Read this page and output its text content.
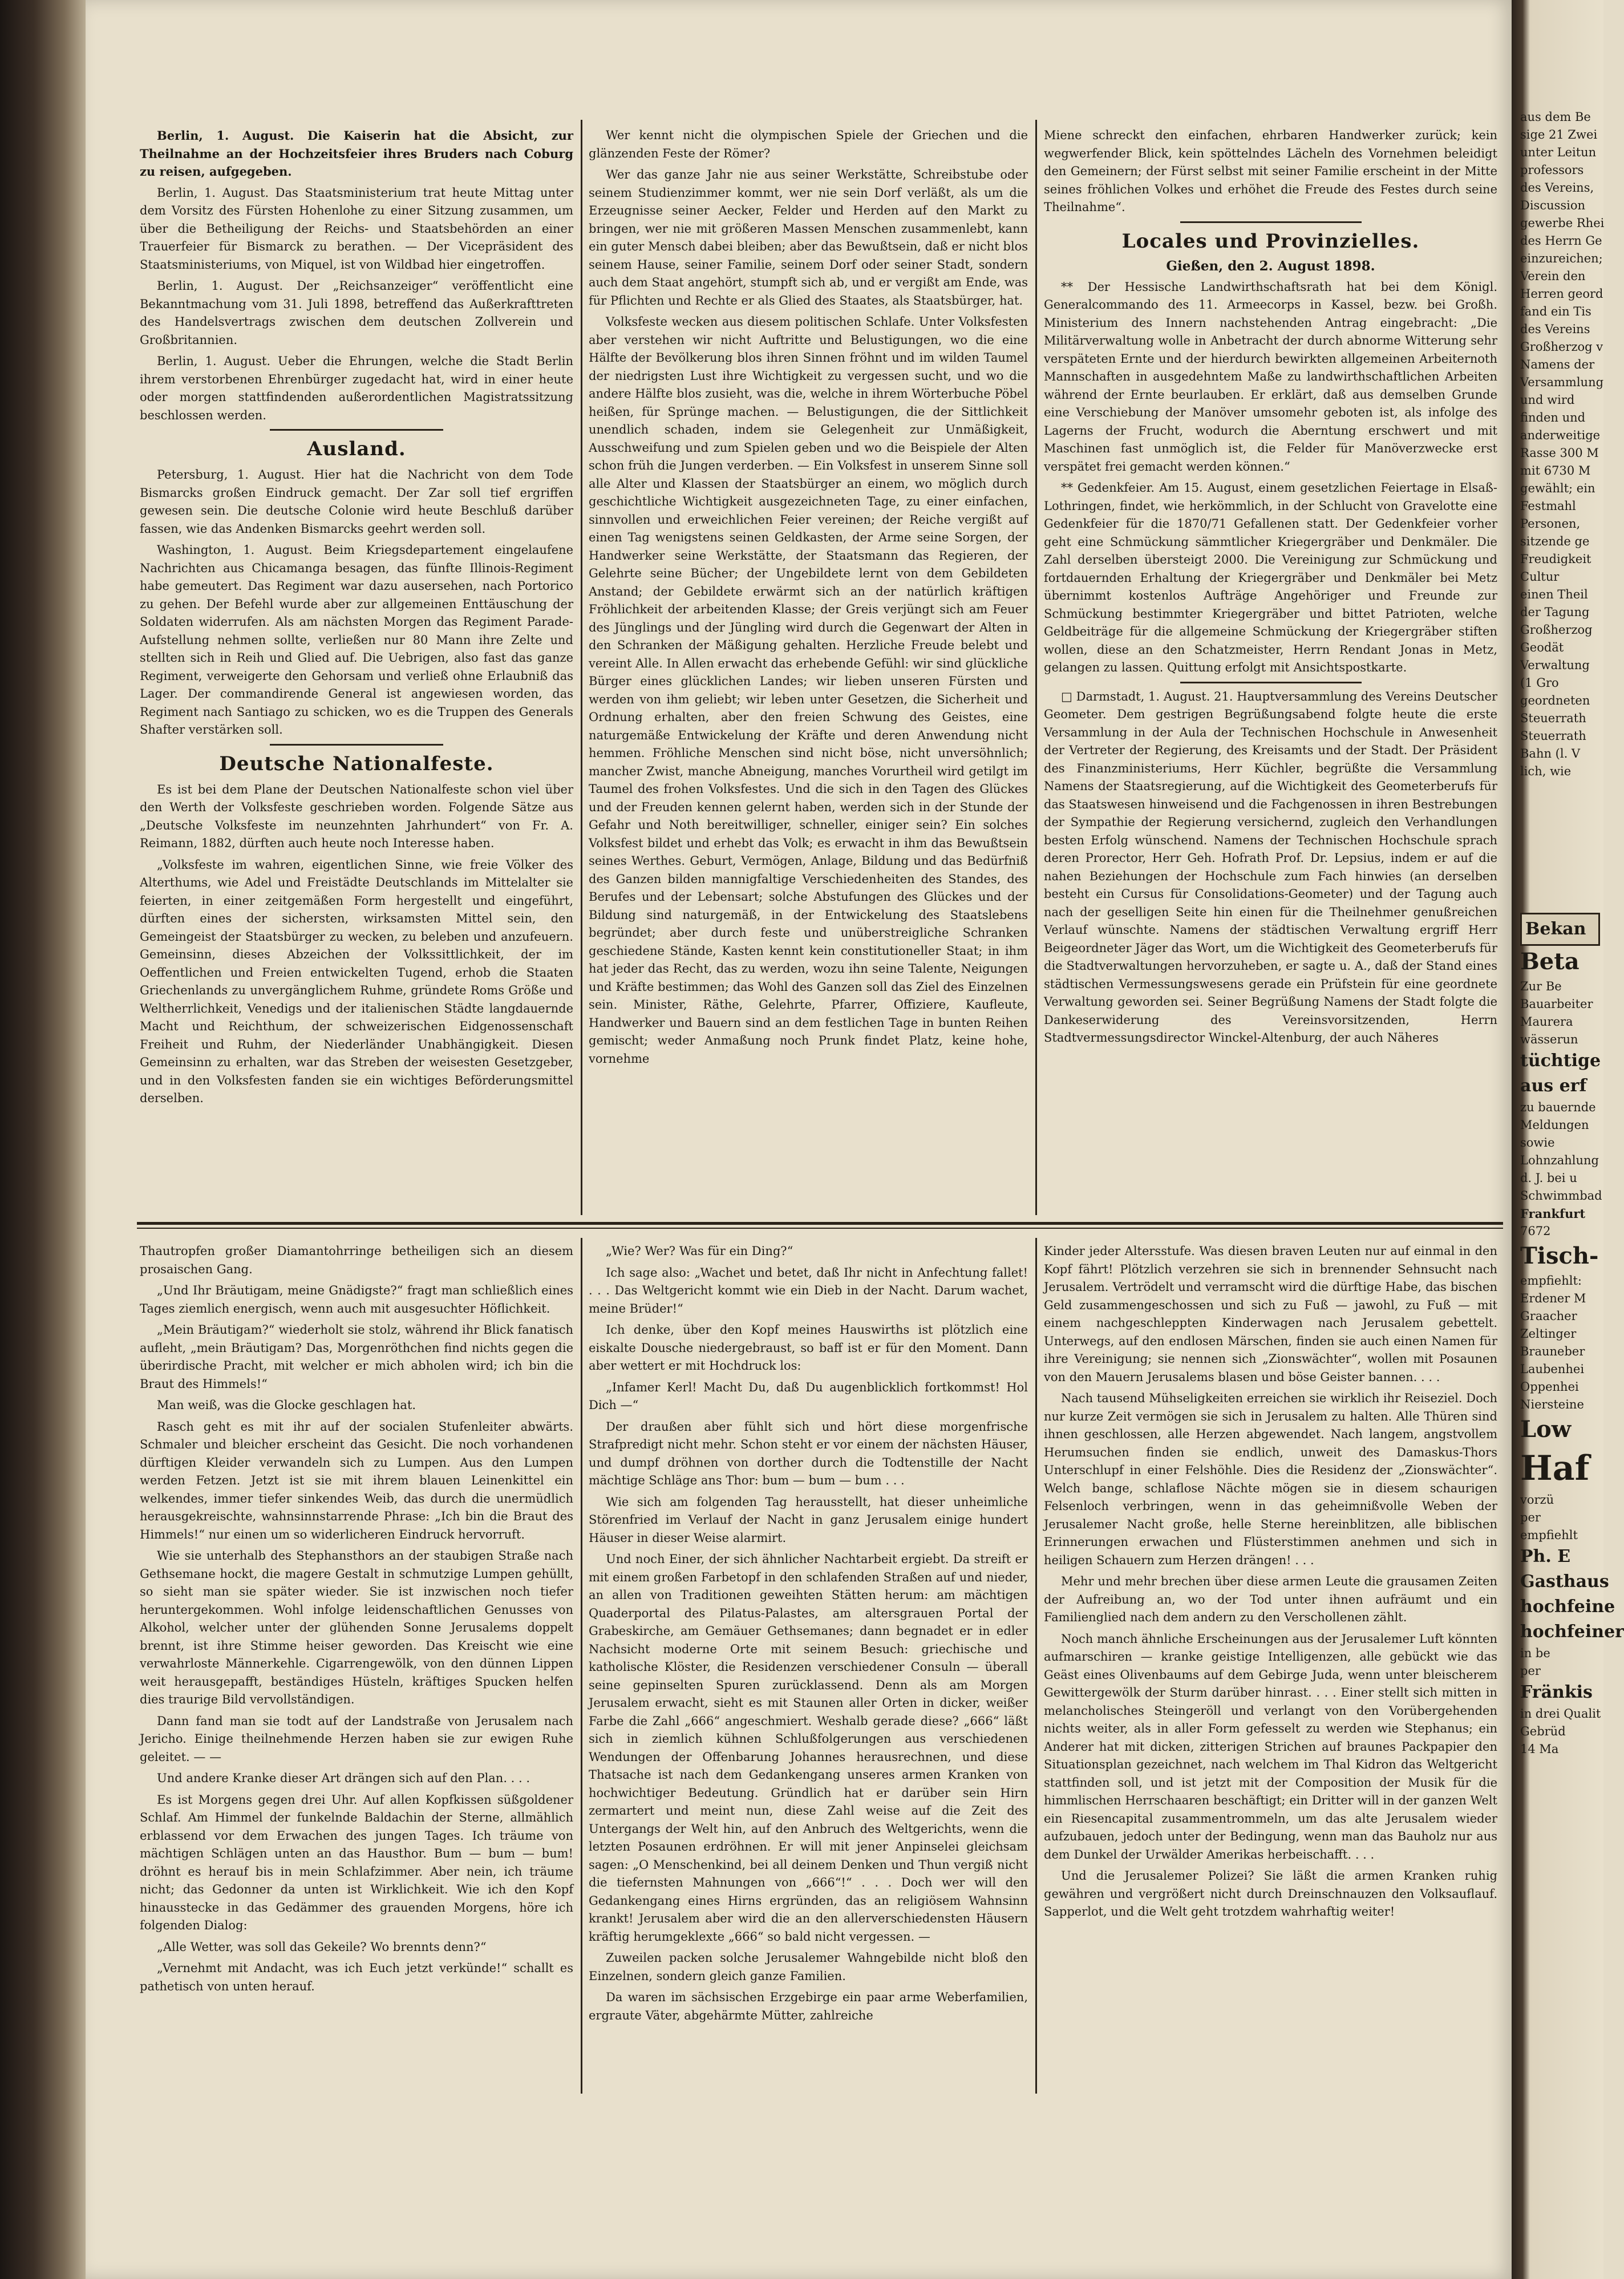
Berlin, 1. August. Die Kaiserin hat die Absicht, zur Theilnahme an der Hochzeitsfeier ihres Bruders nach Coburg zu reisen, aufgegeben.

Berlin, 1. August. Das Staatsministerium trat heute Mittag unter dem Vorsitz des Fürsten Hohenlohe zu einer Sitzung zusammen, um über die Betheiligung der Reichs- und Staatsbehörden an einer Trauerfeier für Bismarck zu berathen. — Der Vicepräsident des Staatsministeriums, von Miquel, ist von Wildbad hier eingetroffen.

Berlin, 1. August. Der „Reichsanzeiger“ veröffentlicht eine Bekanntmachung vom 31. Juli 1898, betreffend das Außerkrafttreten des Handelsvertrags zwischen dem deutschen Zollverein und Großbritannien.

Berlin, 1. August. Ueber die Ehrungen, welche die Stadt Berlin ihrem verstorbenen Ehrenbürger zugedacht hat, wird in einer heute oder morgen stattfindenden außerordentlichen Magistratssitzung beschlossen werden.

Ausland.

Petersburg, 1. August. Hier hat die Nachricht von dem Tode Bismarcks großen Eindruck gemacht. Der Zar soll tief ergriffen gewesen sein. Die deutsche Colonie wird heute Beschluß darüber fassen, wie das Andenken Bismarcks geehrt werden soll.

Washington, 1. August. Beim Kriegsdepartement eingelaufene Nachrichten aus Chicamanga besagen, das fünfte Illinois-Regiment habe gemeutert. Das Regiment war dazu ausersehen, nach Portorico zu gehen. Der Befehl wurde aber zur allgemeinen Enttäuschung der Soldaten widerrufen. Als am nächsten Morgen das Regiment Parade-Aufstellung nehmen sollte, verließen nur 80 Mann ihre Zelte und stellten sich in Reih und Glied auf. Die Uebrigen, also fast das ganze Regiment, verweigerte den Gehorsam und verließ ohne Erlaubniß das Lager. Der commandirende General ist angewiesen worden, das Regiment nach Santiago zu schicken, wo es die Truppen des Generals Shafter verstärken soll.

Deutsche Nationalfeste.

Es ist bei dem Plane der Deutschen Nationalfeste schon viel über den Werth der Volksfeste geschrieben worden. Folgende Sätze aus „Deutsche Volksfeste im neunzehnten Jahrhundert“ von Fr. A. Reimann, 1882, dürften auch heute noch Interesse haben.

„Volksfeste im wahren, eigentlichen Sinne, wie freie Völker des Alterthums, wie Adel und Freistädte Deutschlands im Mittelalter sie feierten, in einer zeitgemäßen Form hergestellt und eingeführt, dürften eines der sichersten, wirksamsten Mittel sein, den Gemeingeist der Staatsbürger zu wecken, zu beleben und anzufeuern. Gemeinsinn, dieses Abzeichen der Volkssittlichkeit, der im Oeffentlichen und Freien entwickelten Tugend, erhob die Staaten Griechenlands zu unvergänglichem Ruhme, gründete Roms Größe und Weltherrlichkeit, Venedigs und der italienischen Städte langdauernde Macht und Reichthum, der schweizerischen Eidgenossenschaft Freiheit und Ruhm, der Niederländer Unabhängigkeit. Diesen Gemeinsinn zu erhalten, war das Streben der weisesten Gesetzgeber, und in den Volksfesten fanden sie ein wichtiges Beförderungsmittel derselben.

Wer kennt nicht die olympischen Spiele der Griechen und die glänzenden Feste der Römer?

Wer das ganze Jahr nie aus seiner Werkstätte, Schreibstube oder seinem Studienzimmer kommt, wer nie sein Dorf verläßt, als um die Erzeugnisse seiner Aecker, Felder und Herden auf den Markt zu bringen, wer nie mit größeren Massen Menschen zusammenlebt, kann ein guter Mensch dabei bleiben; aber das Bewußtsein, daß er nicht blos seinem Hause, seiner Familie, seinem Dorf oder seiner Stadt, sondern auch dem Staat angehört, stumpft sich ab, und er vergißt am Ende, was für Pflichten und Rechte er als Glied des Staates, als Staatsbürger, hat.

Volksfeste wecken aus diesem politischen Schlafe. Unter Volksfesten aber verstehen wir nicht Auftritte und Belustigungen, wo die eine Hälfte der Bevölkerung blos ihren Sinnen fröhnt und im wilden Taumel der niedrigsten Lust ihre Wichtigkeit zu vergessen sucht, und wo die andere Hälfte blos zusieht, was die, welche in ihrem Wörterbuche Pöbel heißen, für Sprünge machen. — Belustigungen, die der Sittlichkeit unendlich schaden, indem sie Gelegenheit zur Unmäßigkeit, Ausschweifung und zum Spielen geben und wo die Beispiele der Alten schon früh die Jungen verderben. — Ein Volksfest in unserem Sinne soll alle Alter und Klassen der Staatsbürger an einem, wo möglich durch geschichtliche Wichtigkeit ausgezeichneten Tage, zu einer einfachen, sinnvollen und erweichlichen Feier vereinen; der Reiche vergißt auf einen Tag wenigstens seinen Geldkasten, der Arme seine Sorgen, der Handwerker seine Werkstätte, der Staatsmann das Regieren, der Gelehrte seine Bücher; der Ungebildete lernt von dem Gebildeten Anstand; der Gebildete erwärmt sich an der natürlich kräftigen Fröhlichkeit der arbeitenden Klasse; der Greis verjüngt sich am Feuer des Jünglings und der Jüngling wird durch die Gegenwart der Alten in den Schranken der Mäßigung gehalten. Herzliche Freude belebt und vereint Alle. In Allen erwacht das erhebende Gefühl: wir sind glückliche Bürger eines glücklichen Landes; wir lieben unseren Fürsten und werden von ihm geliebt; wir leben unter Gesetzen, die Sicherheit und Ordnung erhalten, aber den freien Schwung des Geistes, eine naturgemäße Entwickelung der Kräfte und deren Anwendung nicht hemmen. Fröhliche Menschen sind nicht böse, nicht unversöhnlich; mancher Zwist, manche Abneigung, manches Vorurtheil wird getilgt im Taumel des frohen Volksfestes. Und die sich in den Tagen des Glückes und der Freuden kennen gelernt haben, werden sich in der Stunde der Gefahr und Noth bereitwilliger, schneller, einiger sein? Ein solches Volksfest bildet und erhebt das Volk; es erwacht in ihm das Bewußtsein seines Werthes. Geburt, Vermögen, Anlage, Bildung und das Bedürfniß des Ganzen bilden mannigfaltige Verschiedenheiten des Standes, des Berufes und der Lebensart; solche Abstufungen des Glückes und der Bildung sind naturgemäß, in der Entwickelung des Staatslebens begründet; aber durch feste und unüberstreigliche Schranken geschiedene Stände, Kasten kennt kein constitutioneller Staat; in ihm hat jeder das Recht, das zu werden, wozu ihn seine Talente, Neigungen und Kräfte bestimmen; das Wohl des Ganzen soll das Ziel des Einzelnen sein. Minister, Räthe, Gelehrte, Pfarrer, Offiziere, Kaufleute, Handwerker und Bauern sind an dem festlichen Tage in bunten Reihen gemischt; weder Anmaßung noch Prunk findet Platz, keine hohe, vornehme

Miene schreckt den einfachen, ehrbaren Handwerker zurück; kein wegwerfender Blick, kein spöttelndes Lächeln des Vornehmen beleidigt den Gemeinern; der Fürst selbst mit seiner Familie erscheint in der Mitte seines fröhlichen Volkes und erhöhet die Freude des Festes durch seine Theilnahme“.

Locales und Provinzielles.
Gießen, den 2. August 1898.

** Der Hessische Landwirthschaftsrath hat bei dem Königl. Generalcommando des 11. Armeecorps in Kassel, bezw. bei Großh. Ministerium des Innern nachstehenden Antrag eingebracht: „Die Militärverwaltung wolle in Anbetracht der durch abnorme Witterung sehr verspäteten Ernte und der hierdurch bewirkten allgemeinen Arbeiternoth Mannschaften in ausgedehntem Maße zu landwirthschaftlichen Arbeiten während der Ernte beurlauben. Er erklärt, daß aus demselben Grunde eine Verschiebung der Manöver umsomehr geboten ist, als infolge des Lagerns der Frucht, wodurch die Aberntung erschwert und mit Maschinen fast unmöglich ist, die Felder für Manöverzwecke erst verspätet frei gemacht werden können.“

** Gedenkfeier. Am 15. August, einem gesetzlichen Feiertage in Elsaß-Lothringen, findet, wie herkömmlich, in der Schlucht von Gravelotte eine Gedenkfeier für die 1870/71 Gefallenen statt. Der Gedenkfeier vorher geht eine Schmückung sämmtlicher Kriegergräber und Denkmäler. Die Zahl derselben übersteigt 2000. Die Vereinigung zur Schmückung und fortdauernden Erhaltung der Kriegergräber und Denkmäler bei Metz übernimmt kostenlos Aufträge Angehöriger und Freunde zur Schmückung bestimmter Kriegergräber und bittet Patrioten, welche Geldbeiträge für die allgemeine Schmückung der Kriegergräber stiften wollen, diese an den Schatzmeister, Herrn Rendant Jonas in Metz, gelangen zu lassen. Quittung erfolgt mit Ansichtspostkarte.

□ Darmstadt, 1. August. 21. Hauptversammlung des Vereins Deutscher Geometer. Dem gestrigen Begrüßungsabend folgte heute die erste Versammlung in der Aula der Technischen Hochschule in Anwesenheit der Vertreter der Regierung, des Kreisamts und der Stadt. Der Präsident des Finanzministeriums, Herr Küchler, begrüßte die Versammlung Namens der Staatsregierung, auf die Wichtigkeit des Geometerberufs für das Staatswesen hinweisend und die Fachgenossen in ihren Bestrebungen der Sympathie der Regierung versichernd, zugleich den Verhandlungen besten Erfolg wünschend. Namens der Technischen Hochschule sprach deren Prorector, Herr Geh. Hofrath Prof. Dr. Lepsius, indem er auf die nahen Beziehungen der Hochschule zum Fach hinwies (an derselben besteht ein Cursus für Consolidations-Geometer) und der Tagung auch nach der geselligen Seite hin einen für die Theilnehmer genußreichen Verlauf wünschte. Namens der städtischen Verwaltung ergriff Herr Beigeordneter Jäger das Wort, um die Wichtigkeit des Geometerberufs für die Stadtverwaltungen hervorzuheben, er sagte u. A., daß der Stand eines städtischen Vermessungswesens gerade ein Prüfstein für eine geordnete Verwaltung geworden sei. Seiner Begrüßung Namens der Stadt folgte die Dankeserwiderung des Vereinsvorsitzenden, Herrn Stadtvermessungsdirector Winckel-Altenburg, der auch Näheres

Thautropfen großer Diamantohrringe betheiligen sich an diesem prosaischen Gang.

„Und Ihr Bräutigam, meine Gnädigste?“ fragt man schließlich eines Tages ziemlich energisch, wenn auch mit ausgesuchter Höflichkeit.

„Mein Bräutigam?“ wiederholt sie stolz, während ihr Blick fanatisch aufleht, „mein Bräutigam? Das, Morgenröthchen find nichts gegen die überirdische Pracht, mit welcher er mich abholen wird; ich bin die Braut des Himmels!“

Man weiß, was die Glocke geschlagen hat.

Rasch geht es mit ihr auf der socialen Stufenleiter abwärts. Schmaler und bleicher erscheint das Gesicht. Die noch vorhandenen dürftigen Kleider verwandeln sich zu Lumpen. Aus den Lumpen werden Fetzen. Jetzt ist sie mit ihrem blauen Leinenkittel ein welkendes, immer tiefer sinkendes Weib, das durch die unermüdlich herausgekreischte, wahnsinnstarrende Phrase: „Ich bin die Braut des Himmels!“ nur einen um so widerlicheren Eindruck hervorruft.

Wie sie unterhalb des Stephansthors an der staubigen Straße nach Gethsemane hockt, die magere Gestalt in schmutzige Lumpen gehüllt, so sieht man sie später wieder. Sie ist inzwischen noch tiefer heruntergekommen. Wohl infolge leidenschaftlichen Genusses von Alkohol, welcher unter der glühenden Sonne Jerusalems doppelt brennt, ist ihre Stimme heiser geworden. Das Kreischt wie eine verwahrloste Männerkehle. Cigarrengewölk, von den dünnen Lippen weit herausgepafft, beständiges Hüsteln, kräftiges Spucken helfen dies traurige Bild vervollständigen.

Dann fand man sie todt auf der Landstraße von Jerusalem nach Jericho. Einige theilnehmende Herzen haben sie zur ewigen Ruhe geleitet. — —

Und andere Kranke dieser Art drängen sich auf den Plan. . . .

Es ist Morgens gegen drei Uhr. Auf allen Kopfkissen süßgoldener Schlaf. Am Himmel der funkelnde Baldachin der Sterne, allmählich erblassend vor dem Erwachen des jungen Tages. Ich träume von mächtigen Schlägen unten an das Hausthor. Bum — bum — bum! dröhnt es herauf bis in mein Schlafzimmer. Aber nein, ich träume nicht; das Gedonner da unten ist Wirklichkeit. Wie ich den Kopf hinausstecke in das Gedämmer des grauenden Morgens, höre ich folgenden Dialog:

„Alle Wetter, was soll das Gekeile? Wo brennts denn?“

„Vernehmt mit Andacht, was ich Euch jetzt verkünde!“ schallt es pathetisch von unten herauf.

„Wie? Wer? Was für ein Ding?“

Ich sage also: „Wachet und betet, daß Ihr nicht in Anfechtung fallet! . . . Das Weltgericht kommt wie ein Dieb in der Nacht. Darum wachet, meine Brüder!“

Ich denke, über den Kopf meines Hauswirths ist plötzlich eine eiskalte Dousche niedergebraust, so baff ist er für den Moment. Dann aber wettert er mit Hochdruck los:

„Infamer Kerl! Macht Du, daß Du augenblicklich fortkommst! Hol Dich —“

Der draußen aber fühlt sich und hört diese morgenfrische Strafpredigt nicht mehr. Schon steht er vor einem der nächsten Häuser, und dumpf dröhnen von dorther durch die Todtenstille der Nacht mächtige Schläge ans Thor: bum — bum — bum . . .

Wie sich am folgenden Tag herausstellt, hat dieser unheimliche Störenfried im Verlauf der Nacht in ganz Jerusalem einige hundert Häuser in dieser Weise alarmirt.

Und noch Einer, der sich ähnlicher Nachtarbeit ergiebt. Da streift er mit einem großen Farbetopf in den schlafenden Straßen auf und nieder, an allen von Traditionen geweihten Stätten herum: am mächtigen Quaderportal des Pilatus-Palastes, am altersgrauen Portal der Grabeskirche, am Gemäuer Gethsemanes; dann begnadet er in edler Nachsicht moderne Orte mit seinem Besuch: griechische und katholische Klöster, die Residenzen verschiedener Consuln — überall seine gepinselten Spuren zurücklassend. Denn als am Morgen Jerusalem erwacht, sieht es mit Staunen aller Orten in dicker, weißer Farbe die Zahl „666“ angeschmiert. Weshalb gerade diese? „666“ läßt sich in ziemlich kühnen Schlußfolgerungen aus verschiedenen Wendungen der Offenbarung Johannes herausrechnen, und diese Thatsache ist nach dem Gedankengang unseres armen Kranken von hochwichtiger Bedeutung. Gründlich hat er darüber sein Hirn zermartert und meint nun, diese Zahl weise auf die Zeit des Untergangs der Welt hin, auf den Anbruch des Weltgerichts, wenn die letzten Posaunen erdröhnen. Er will mit jener Anpinselei gleichsam sagen: „O Menschenkind, bei all deinem Denken und Thun vergiß nicht die tiefernsten Mahnungen von „666“!“ . . . Doch wer will den Gedankengang eines Hirns ergründen, das an religiösem Wahnsinn krankt! Jerusalem aber wird die an den allerverschiedensten Häusern kräftig herumgeklexte „666“ so bald nicht vergessen. —

Zuweilen packen solche Jerusalemer Wahngebilde nicht bloß den Einzelnen, sondern gleich ganze Familien.

Da waren im sächsischen Erzgebirge ein paar arme Weberfamilien, ergraute Väter, abgehärmte Mütter, zahlreiche

Kinder jeder Altersstufe. Was diesen braven Leuten nur auf einmal in den Kopf fährt! Plötzlich verzehren sie sich in brennender Sehnsucht nach Jerusalem. Vertrödelt und verramscht wird die dürftige Habe, das bischen Geld zusammengeschossen und sich zu Fuß — jawohl, zu Fuß — mit einem nachgeschleppten Kinderwagen nach Jerusalem gebettelt. Unterwegs, auf den endlosen Märschen, finden sie auch einen Namen für ihre Vereinigung; sie nennen sich „Zionswächter“, wollen mit Posaunen von den Mauern Jerusalems blasen und böse Geister bannen. . . .

Nach tausend Mühseligkeiten erreichen sie wirklich ihr Reiseziel. Doch nur kurze Zeit vermögen sie sich in Jerusalem zu halten. Alle Thüren sind ihnen geschlossen, alle Herzen abgewendet. Nach langem, angstvollem Herumsuchen finden sie endlich, unweit des Damaskus-Thors Unterschlupf in einer Felshöhle. Dies die Residenz der „Zionswächter“. Welch bange, schlaflose Nächte mögen sie in diesem schaurigen Felsenloch verbringen, wenn in das geheimnißvolle Weben der Jerusalemer Nacht große, helle Sterne hereinblitzen, alle biblischen Erinnerungen erwachen und Flüsterstimmen anehmen und sich in heiligen Schauern zum Herzen drängen! . . .

Mehr und mehr brechen über diese armen Leute die grausamen Zeiten der Aufreibung an, wo der Tod unter ihnen aufräumt und ein Familienglied nach dem andern zu den Verschollenen zählt.

Noch manch ähnliche Erscheinungen aus der Jerusalemer Luft könnten aufmarschiren — kranke geistige Intelligenzen, alle gebückt wie das Geäst eines Olivenbaums auf dem Gebirge Juda, wenn unter bleischerem Gewittergewölk der Sturm darüber hinrast. . . . Einer stellt sich mitten in melancholisches Steingeröll und verlangt von den Vorübergehenden nichts weiter, als in aller Form gefesselt zu werden wie Stephanus; ein Anderer hat mit dicken, zitterigen Strichen auf braunes Packpapier den Situationsplan gezeichnet, nach welchem im Thal Kidron das Weltgericht stattfinden soll, und ist jetzt mit der Composition der Musik für die himmlischen Herrschaaren beschäftigt; ein Dritter will in der ganzen Welt ein Riesencapital zusammentrommeln, um das alte Jerusalem wieder aufzubauen, jedoch unter der Bedingung, wenn man das Bauholz nur aus dem Dunkel der Urwälder Amerikas herbeischafft. . . .

Und die Jerusalemer Polizei? Sie läßt die armen Kranken ruhig gewähren und vergrößert nicht durch Dreinschnauzen den Volksauflauf. Sapperlot, und die Welt geht trotzdem wahrhaftig weiter!

aus dem Be

sige 21 Zwei

unter Leitun

professors

des Vereins,

Discussion

gewerbe Rhei

des Herrn Ge

einzureichen;

Verein den

Herren geord

fand ein Tis

des Vereins

Großherzog v

Namens der

Versammlung

und wird

finden und

anderweitige

Rasse 300 M

mit 6730 M

gewählt; ein

Festmahl

Personen,

sitzende ge

Freudigkeit

Cultur

einen Theil

der Tagung

Großherzog

Geodät

Verwaltung

(1 Gro

geordneten

Steuerrath

Steuerrath

Bahn (l. V

lich, wie

Bekan

Beta

Zur Be

Bauarbeiter

Maurera

wässerun

tüchtige

aus erf

zu bauernde

Meldungen

sowie

Lohnzahlung

d. J. bei u

Schwimmbad

Frankfurt

7672

Tisch-

empfiehlt:

Erdener M

Graacher

Zeltinger

Brauneber

Laubenhei

Oppenhei

Niersteine

Low

Haf

vorzü

per

empfiehlt

Ph. E

Gasthaus

hochfeine

hochfeiner

in be

per

Fränkis

in drei Qualit

Gebrüd

14 Ma
